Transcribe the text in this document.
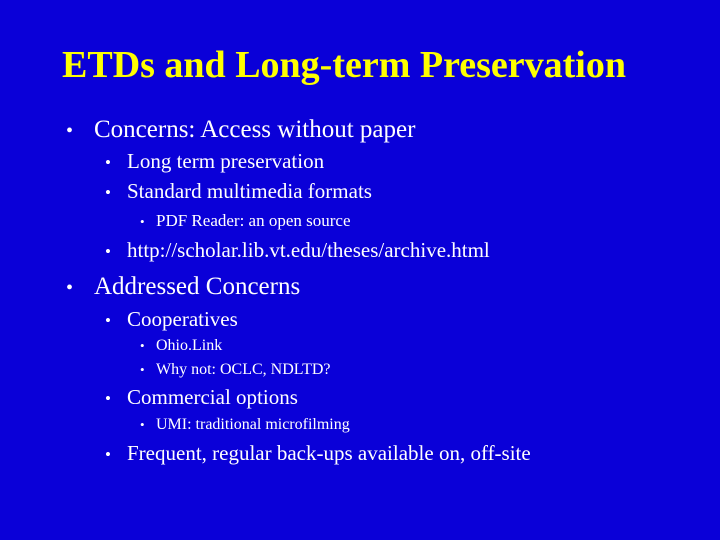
ETDs and Long-term Preservation
• Concerns: Access without paper
• Long term preservation
• Standard multimedia formats
• PDF Reader: an open source
• http://scholar.lib.vt.edu/theses/archive.html
• Addressed Concerns
• Cooperatives
• Ohio.Link
• Why not: OCLC, NDLTD?
• Commercial options
• UMI: traditional microfilming
• Frequent, regular back-ups available on, off-site
